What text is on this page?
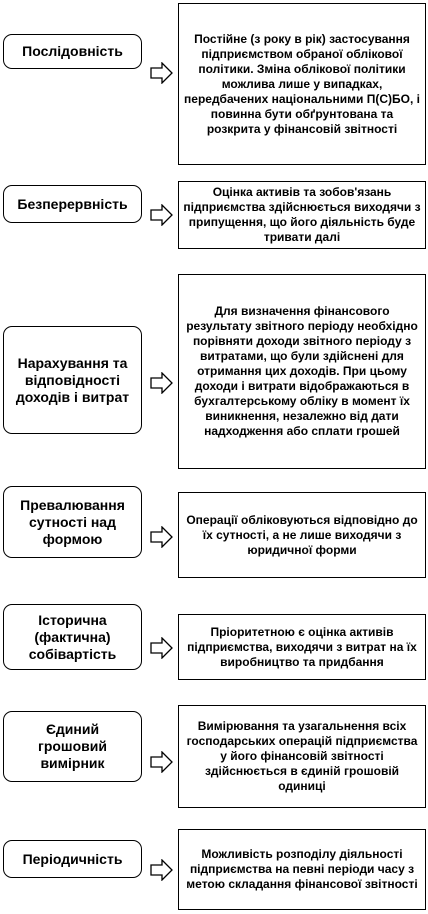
Послідовність
Постійне (з року в рік) застосування підприємством обраної облікової політики. Зміна облікової політики можлива лише у випадках, передбачених національними П(С)БО, і повинна бути обґрунтована та розкрита у фінансовій звітності
Безперервність
Оцінка активів та зобов'язань підприємства здійснюється виходячи з припущення, що його діяльність буде тривати далі
Нарахування та відповідності доходів і витрат
Для визначення фінансового результату звітного періоду необхідно порівняти доходи звітного періоду з витратами, що були здійснені для отримання цих доходів. При цьому доходи і витрати відображаються в бухгалтерському обліку в момент їх виникнення, незалежно від дати надходження або сплати грошей
Превалювання сутності над формою
Операції обліковуються відповідно до їх сутності, а не лише виходячи з юридичної форми
Історична (фактична) собівартість
Пріоритетною є оцінка активів підприємства, виходячи з витрат на їх виробництво та придбання
Єдиний грошовий вимірник
Вимірювання та узагальнення всіх господарських операцій підприємства у його фінансовій звітності здійснюється в єдиній грошовій одиниці
Періодичність	Можливість розподілу діяльності підприємства на певні періоди часу з метою складання фінансової звітності
